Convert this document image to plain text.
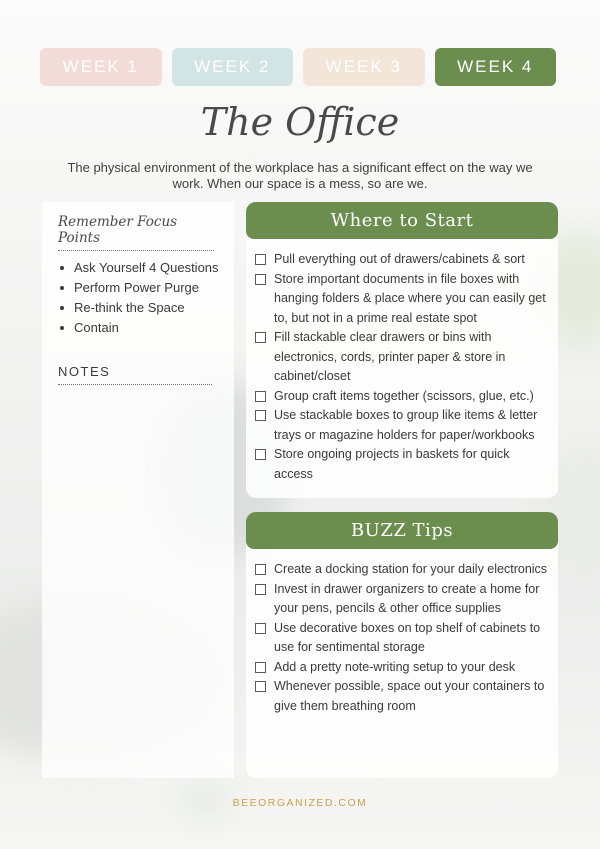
WEEK 1	WEEK 2	WEEK 3	WEEK 4
The Office
The physical environment of the workplace has a significant effect on the way we work. When our space is a mess, so are we.
Remember Focus Points
Ask Yourself 4 Questions
Perform Power Purge
Re-think the Space
Contain
NOTES
Where to Start
Pull everything out of drawers/cabinets & sort
Store important documents in file boxes with hanging folders & place where you can easily get to, but not in a prime real estate spot
Fill stackable clear drawers or bins with electronics, cords, printer paper & store in cabinet/closet
Group craft items together (scissors, glue, etc.)
Use stackable boxes to group like items & letter trays or magazine holders for paper/workbooks
Store ongoing projects in baskets for quick access
BUZZ Tips
Create a docking station for your daily electronics
Invest in drawer organizers to create a home for your pens, pencils & other office supplies
Use decorative boxes on top shelf of cabinets to use for sentimental storage
Add a pretty note-writing setup to your desk
Whenever possible, space out your containers to give them breathing room
BEEORGANIZED.COM
